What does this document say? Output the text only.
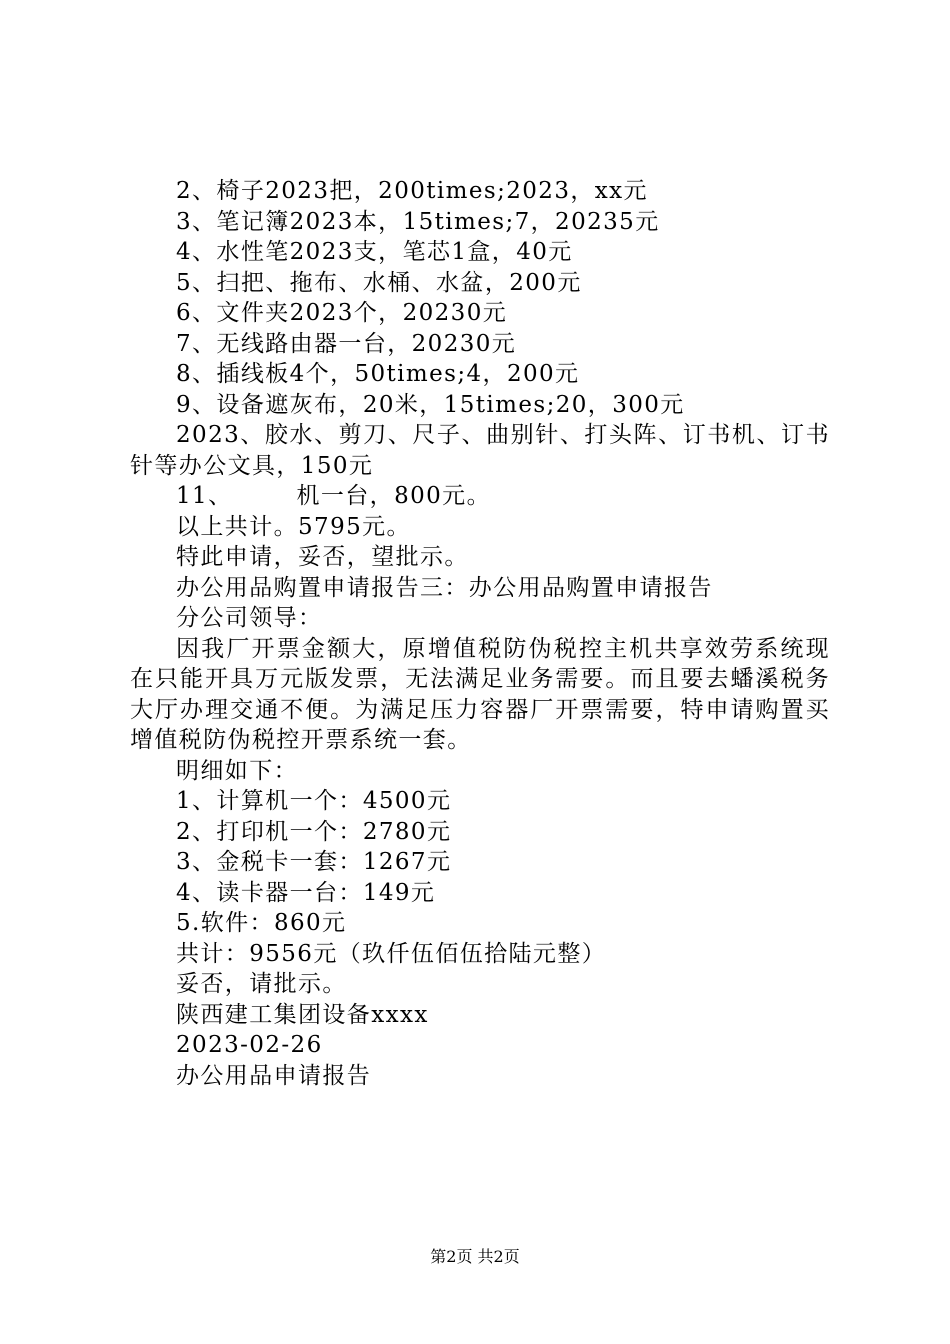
2、椅子2023把，200times;2023，xx元
3、笔记簿2023本，15times;7，20235元
4、水性笔2023支，笔芯1盒，40元
5、扫把、拖布、水桶、水盆，200元
6、文件夹2023个，20230元
7、无线路由器一台，20230元
8、插线板4个，50times;4，200元
9、设备遮灰布，20米，15times;20，300元
2023、胶水、剪刀、尺子、曲别针、打头阵、订书机、订书针等办公文具，150元
11、	机一台，800元。
以上共计。5795元。
特此申请，妥否，望批示。
办公用品购置申请报告三：办公用品购置申请报告
分公司领导：
因我厂开票金额大，原增值税防伪税控主机共享效劳系统现在只能开具万元版发票，无法满足业务需要。而且要去蟠溪税务大厅办理交通不便。为满足压力容器厂开票需要，特申请购置买增值税防伪税控开票系统一套。
明细如下：
1、计算机一个：4500元
2、打印机一个：2780元
3、金税卡一套：1267元
4、读卡器一台：149元
5.软件：860元
共计：9556元（玖仟伍佰伍拾陆元整）
妥否，请批示。
陕西建工集团设备xxxx
2023-02-26
办公用品申请报告
第2页 共2页
